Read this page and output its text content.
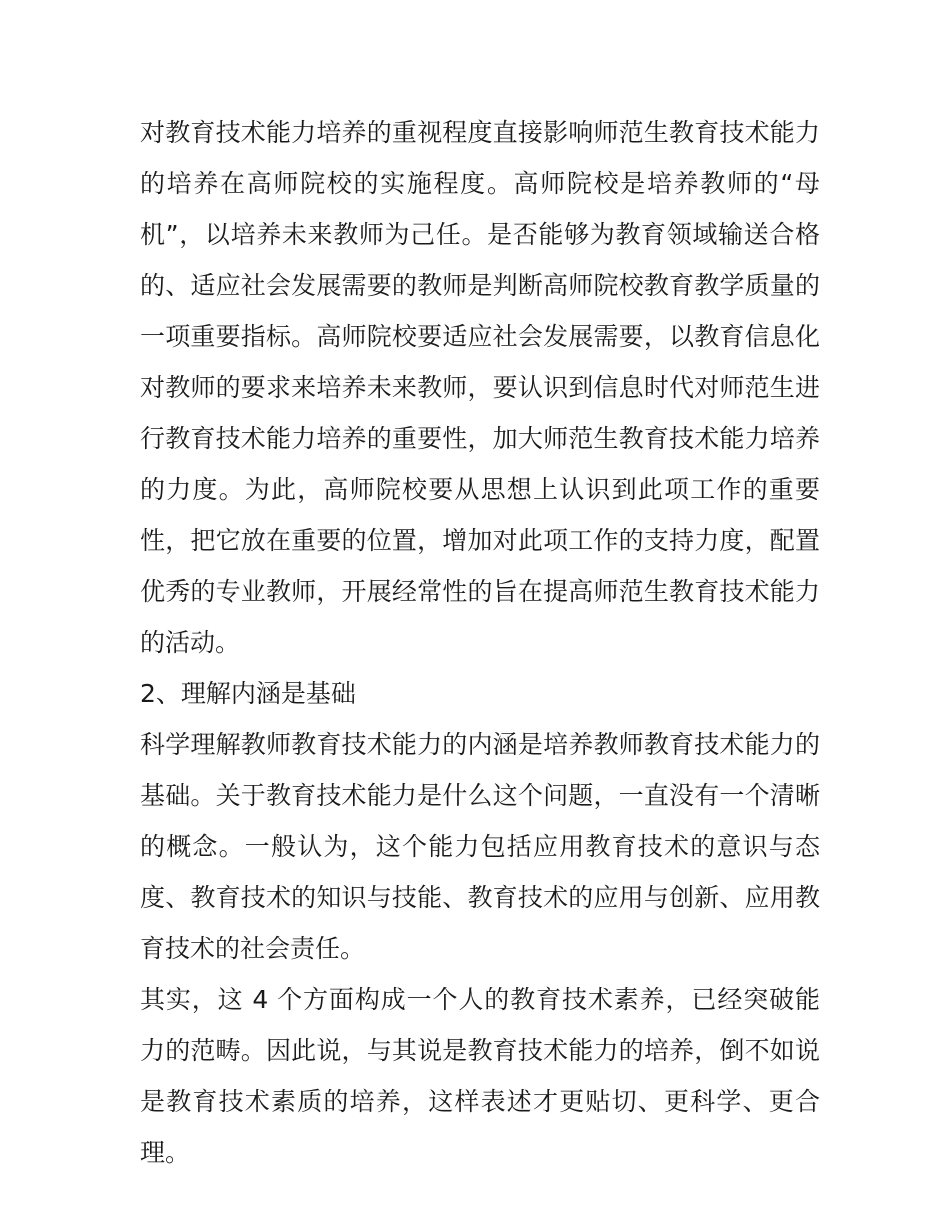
对教育技术能力培养的重视程度直接影响师范生教育技术能力的培养在高师院校的实施程度。高师院校是培养教师的“母机”，以培养未来教师为己任。是否能够为教育领域输送合格的、适应社会发展需要的教师是判断高师院校教育教学质量的一项重要指标。高师院校要适应社会发展需要，以教育信息化对教师的要求来培养未来教师，要认识到信息时代对师范生进行教育技术能力培养的重要性，加大师范生教育技术能力培养的力度。为此，高师院校要从思想上认识到此项工作的重要性，把它放在重要的位置，增加对此项工作的支持力度，配置优秀的专业教师，开展经常性的旨在提高师范生教育技术能力的活动。

2、理解内涵是基础

科学理解教师教育技术能力的内涵是培养教师教育技术能力的基础。关于教育技术能力是什么这个问题，一直没有一个清晰的概念。一般认为，这个能力包括应用教育技术的意识与态度、教育技术的知识与技能、教育技术的应用与创新、应用教育技术的社会责任。

其实，这 4 个方面构成一个人的教育技术素养，已经突破能力的范畴。因此说，与其说是教育技术能力的培养，倒不如说是教育技术素质的培养，这样表述才更贴切、更科学、更合理。
